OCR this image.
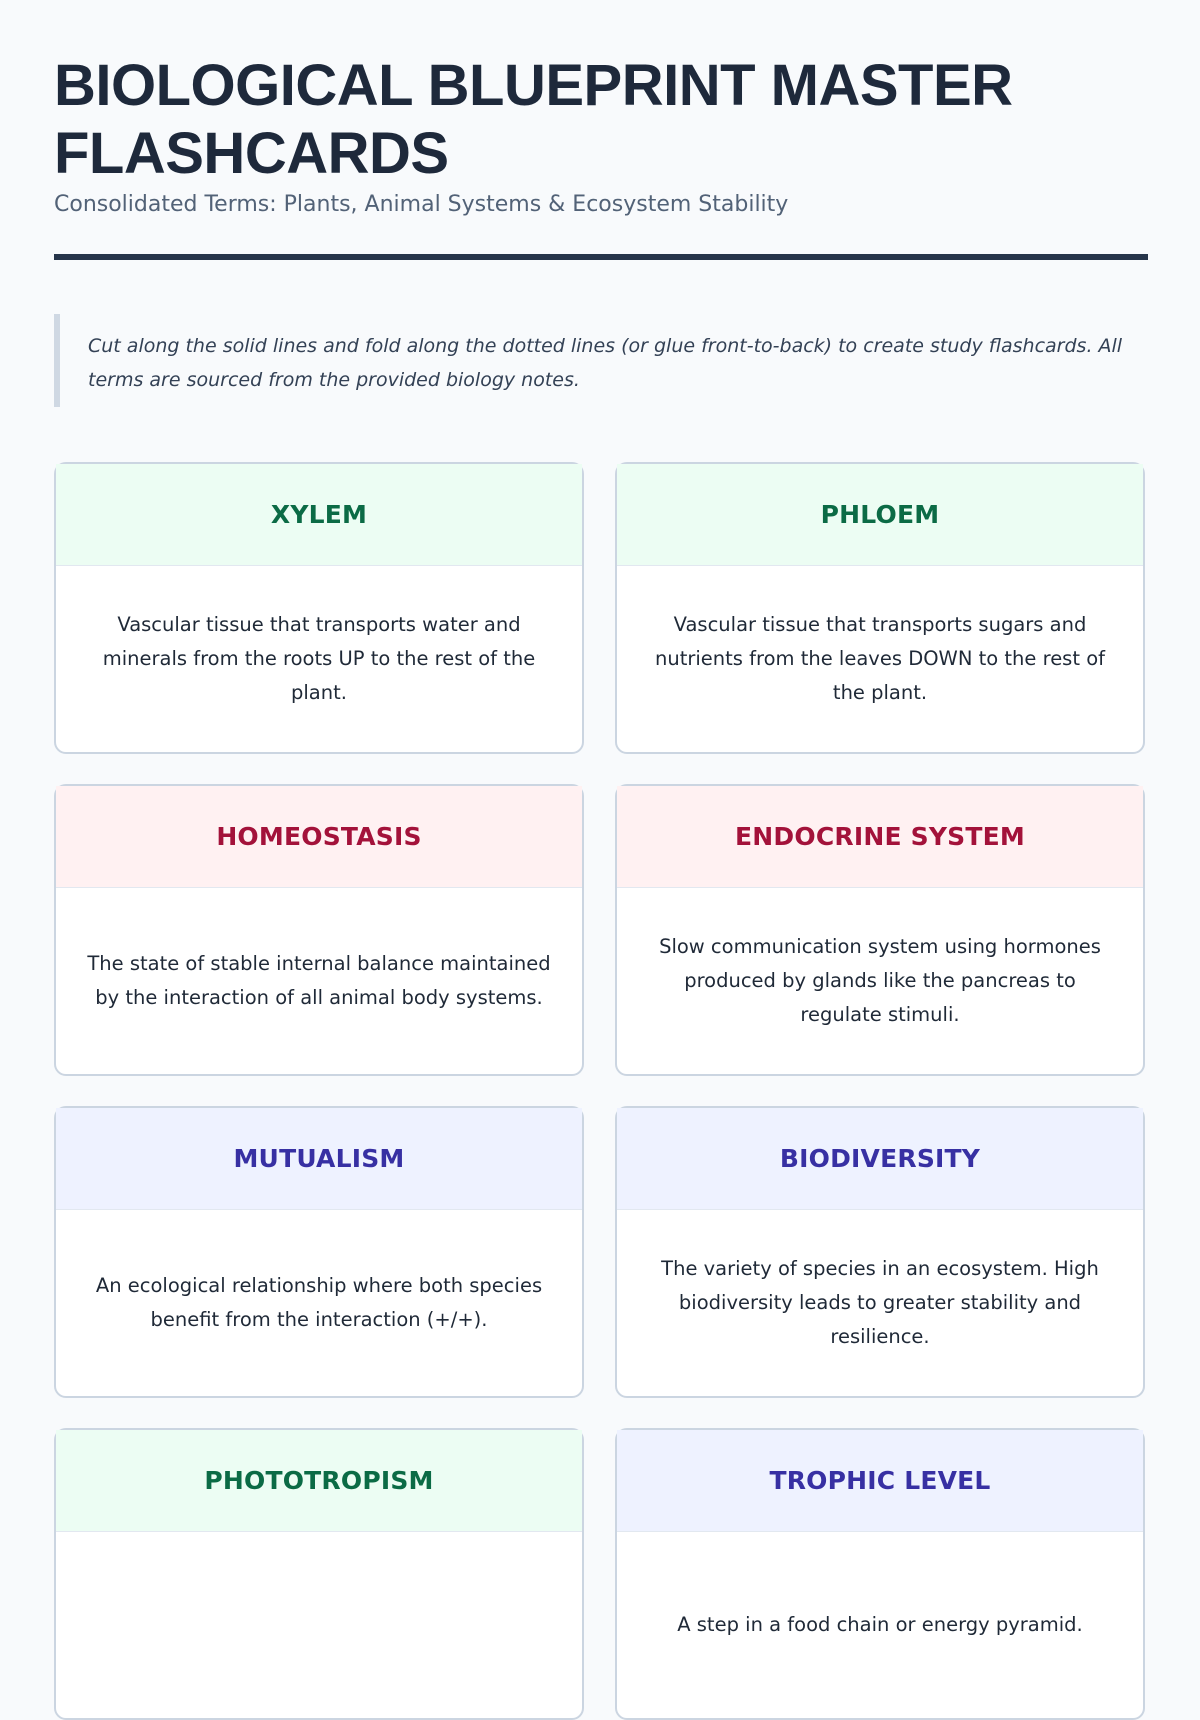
BIOLOGICAL BLUEPRINT MASTER FLASHCARDS

Consolidated Terms: Plants, Animal Systems & Ecosystem Stability

Cut along the solid lines and fold along the dotted lines (or glue front-to-back) to create study flashcards. All terms are sourced from the provided biology notes.

XYLEM

Vascular tissue that transports water and minerals from the roots UP to the rest of the plant.

PHLOEM

Vascular tissue that transports sugars and nutrients from the leaves DOWN to the rest of the plant.

HOMEOSTASIS

The state of stable internal balance maintained by the interaction of all animal body systems.

ENDOCRINE SYSTEM

Slow communication system using hormones produced by glands like the pancreas to regulate stimuli.

MUTUALISM

An ecological relationship where both species benefit from the interaction (+/+).

BIODIVERSITY

The variety of species in an ecosystem. High biodiversity leads to greater stability and resilience.

PHOTOTROPISM	TROPHIC LEVEL

A step in a food chain or energy pyramid.
